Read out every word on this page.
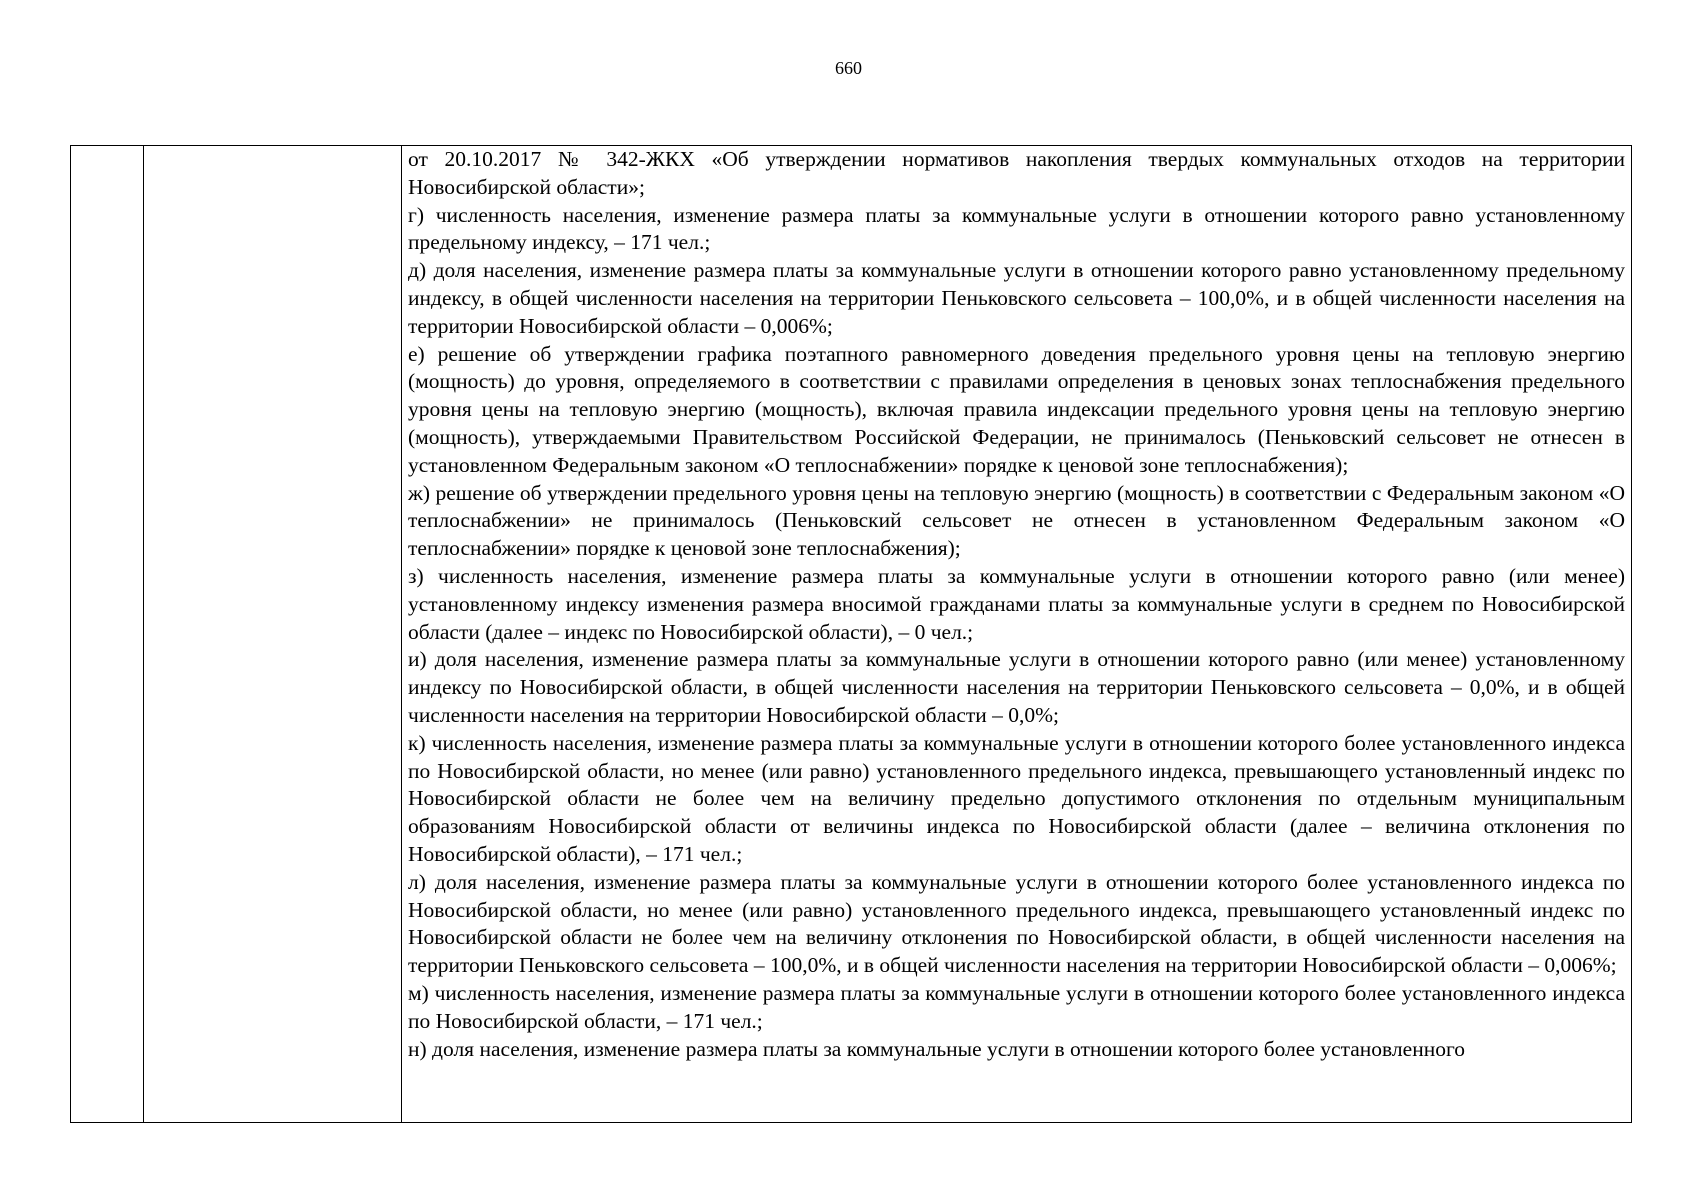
660

от 20.10.2017 № 342-ЖКХ «Об утверждении нормативов накопления твердых коммунальных отходов на территории Новосибирской области»;

г) численность населения, изменение размера платы за коммунальные услуги в отношении которого равно установленному предельному индексу, – 171 чел.;

д) доля населения, изменение размера платы за коммунальные услуги в отношении которого равно установленному предельному индексу, в общей численности населения на территории Пеньковского сельсовета – 100,0%, и в общей численности населения на территории Новосибирской области – 0,006%;

е) решение об утверждении графика поэтапного равномерного доведения предельного уровня цены на тепловую энергию (мощность) до уровня, определяемого в соответствии с правилами определения в ценовых зонах теплоснабжения предельного уровня цены на тепловую энергию (мощность), включая правила индексации предельного уровня цены на тепловую энергию (мощность), утверждаемыми Правительством Российской Федерации, не принималось (Пеньковский сельсовет не отнесен в установленном Федеральным законом «О теплоснабжении» порядке к ценовой зоне теплоснабжения);

ж) решение об утверждении предельного уровня цены на тепловую энергию (мощность) в соответствии с Федеральным законом «О теплоснабжении» не принималось (Пеньковский сельсовет не отнесен в установленном Федеральным законом «О теплоснабжении» порядке к ценовой зоне теплоснабжения);

з) численность населения, изменение размера платы за коммунальные услуги в отношении которого равно (или менее) установленному индексу изменения размера вносимой гражданами платы за коммунальные услуги в среднем по Новосибирской области (далее – индекс по Новосибирской области), – 0 чел.;

и) доля населения, изменение размера платы за коммунальные услуги в отношении которого равно (или менее) установленному индексу по Новосибирской области, в общей численности населения на территории Пеньковского сельсовета – 0,0%, и в общей численности населения на территории Новосибирской области – 0,0%;

к) численность населения, изменение размера платы за коммунальные услуги в отношении которого более установленного индекса по Новосибирской области, но менее (или равно) установленного предельного индекса, превышающего установленный индекс по Новосибирской области не более чем на величину предельно допустимого отклонения по отдельным муниципальным образованиям Новосибирской области от величины индекса по Новосибирской области (далее – величина отклонения по Новосибирской области), – 171 чел.;

л) доля населения, изменение размера платы за коммунальные услуги в отношении которого более установленного индекса по Новосибирской области, но менее (или равно) установленного предельного индекса, превышающего установленный индекс по Новосибирской области не более чем на величину отклонения по Новосибирской области, в общей численности населения на территории Пеньковского сельсовета – 100,0%, и в общей численности населения на территории Новосибирской области – 0,006%;

м) численность населения, изменение размера платы за коммунальные услуги в отношении которого более установленного индекса по Новосибирской области, – 171 чел.;

н) доля населения, изменение размера платы за коммунальные услуги в отношении которого более установленного
